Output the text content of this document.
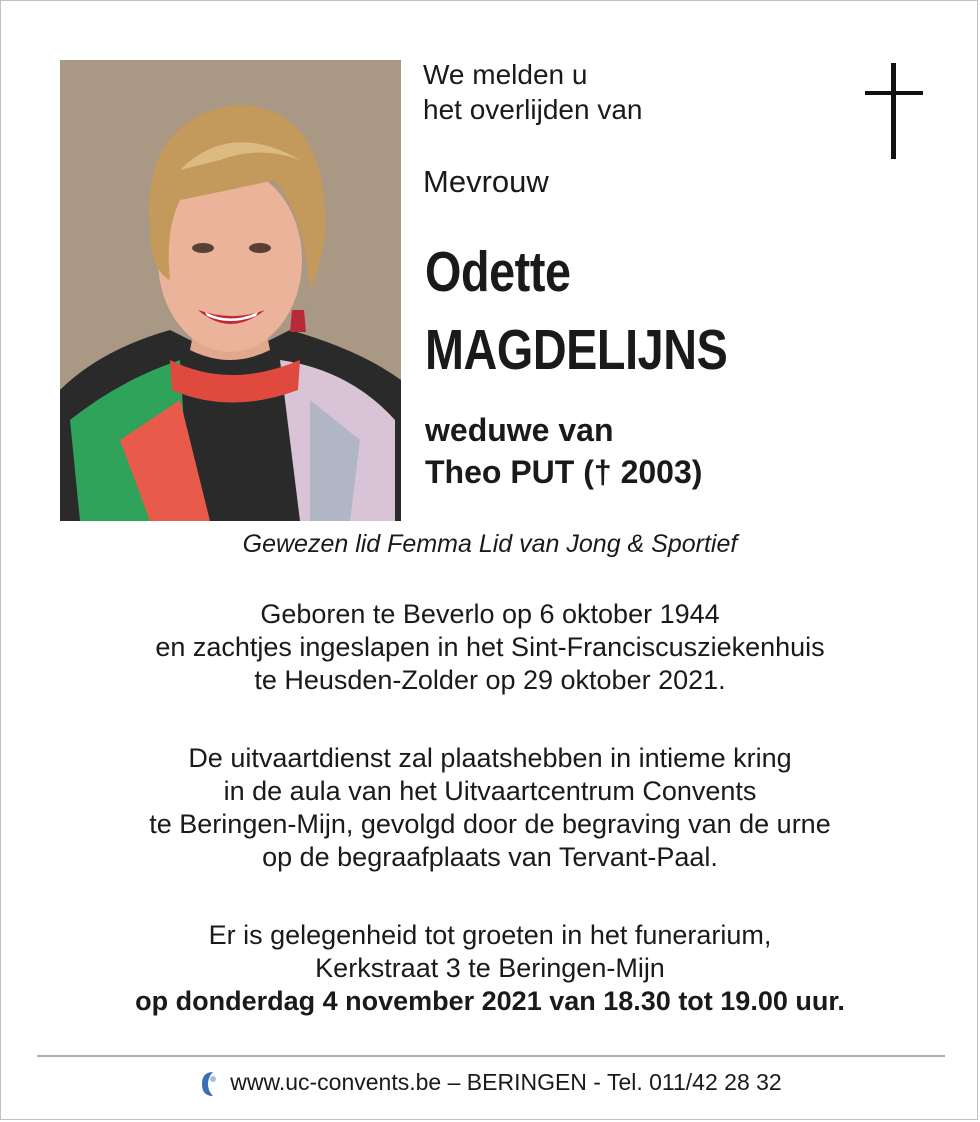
We melden u
het overlijden van
Mevrouw
Odette
MAGDELIJNS
weduwe van
Theo PUT († 2003)
Gewezen lid Femma Lid van Jong & Sportief
Geboren te Beverlo op 6 oktober 1944
en zachtjes ingeslapen in het Sint-Franciscusziekenhuis
te Heusden-Zolder op 29 oktober 2021.
De uitvaartdienst zal plaatshebben in intieme kring
in de aula van het Uitvaartcentrum Convents
te Beringen-Mijn, gevolgd door de begraving van de urne
op de begraafplaats van Tervant-Paal.
Er is gelegenheid tot groeten in het funerarium,
Kerkstraat 3 te Beringen-Mijn
op donderdag 4 november 2021 van 18.30 tot 19.00 uur.
www.uc-convents.be – BERINGEN - Tel. 011/42 28 32
